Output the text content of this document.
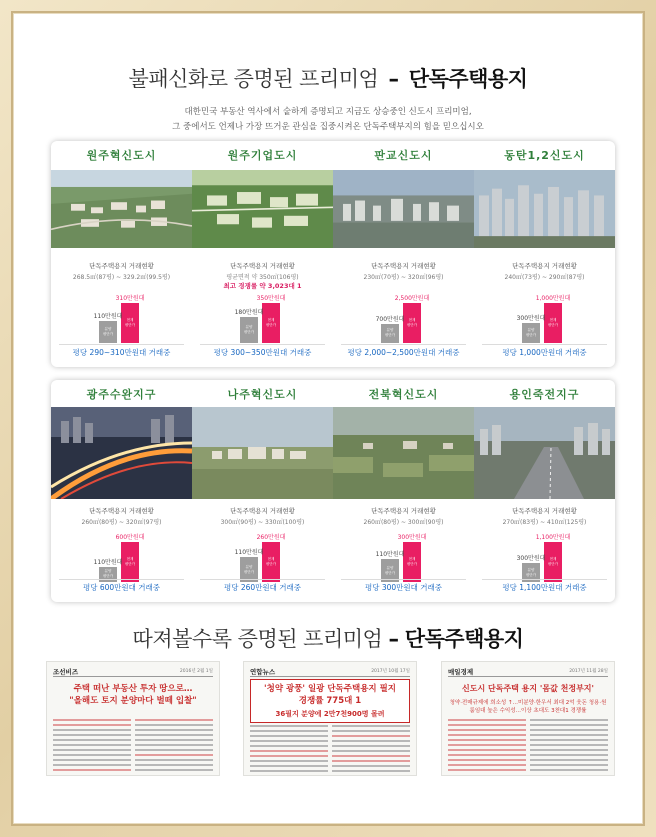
불패신화로 증명된 프리미엄 – 단독주택용지
대한민국 부동산 역사에서 숱하게 증명되고 지금도 상승중인 신도시 프리미엄,
그 중에서도 언제나 가장 뜨거운 관심을 집중시켜온 단독주택부지의 힘을 믿으십시오
원주혁신도시
단독주택용지 거래현황
268.5㎡(87평) ~ 329.2㎡(99.5평)
분양
평단가
현재
평단가
110만원대
310만원대
평당 290~310만원대 거래중
원주기업도시
단독주택용지 거래현황
평균면적 약 350㎡(106평)
최고 경쟁률 약 3,023대 1
분양
평단가
현재
평단가
180만원대
350만원대
평당 300~350만원대 거래중
판교신도시
단독주택용지 거래현황
230㎡(70평) ~ 320㎡(96평)
분양
평단가
현재
평단가
700만원대
2,500만원대
평당 2,000~2,500만원대 거래중
동탄1,2신도시
단독주택용지 거래현황
240㎡(73평) ~ 290㎡(87평)
분양
평단가
현재
평단가
300만원대
1,000만원대
평당 1,000만원대 거래중
광주수완지구
단독주택용지 거래현황
260㎡(80평) ~ 320㎡(97평)
분양
평단가
현재
평단가
110만원대
600만원대
평당 600만원대 거래중
나주혁신도시
단독주택용지 거래현황
300㎡(90평) ~ 330㎡(100평)
분양
평단가
현재
평단가
110만원대
260만원대
평당 260만원대 거래중
전북혁신도시
단독주택용지 거래현황
260㎡(80평) ~ 300㎡(90평)
분양
평단가
현재
평단가
110만원대
300만원대
평당 300만원대 거래중
용인죽전지구
단독주택용지 거래현황
270㎡(83평) ~ 410㎡(125평)
분양
평단가
현재
평단가
300만원대
1,100만원대
평당 1,100만원대 거래중
따져볼수록 증명된 프리미엄 – 단독주택용지
조선비즈	2016년 2월 1일
주택 떠난 부동산 투자 땅으로…
"올해도 토지 분양마다 벌떼 입찰"
연합뉴스	2017년 10월 17일
'청약 광풍' 일광 단독주택용지 필지
경쟁률 775대 1
36필지 분양에 2만7천900명 몰려
매일경제	2017년 11월 28일
신도시 단독주택 용지 '몸값 천정부지'
청약·전매규제에 희소성 ↑…미분양·한우서 최대 2억 웃돈 청용·원룸임대 높은 수익성…이상 초대도 3천대1 경쟁률
